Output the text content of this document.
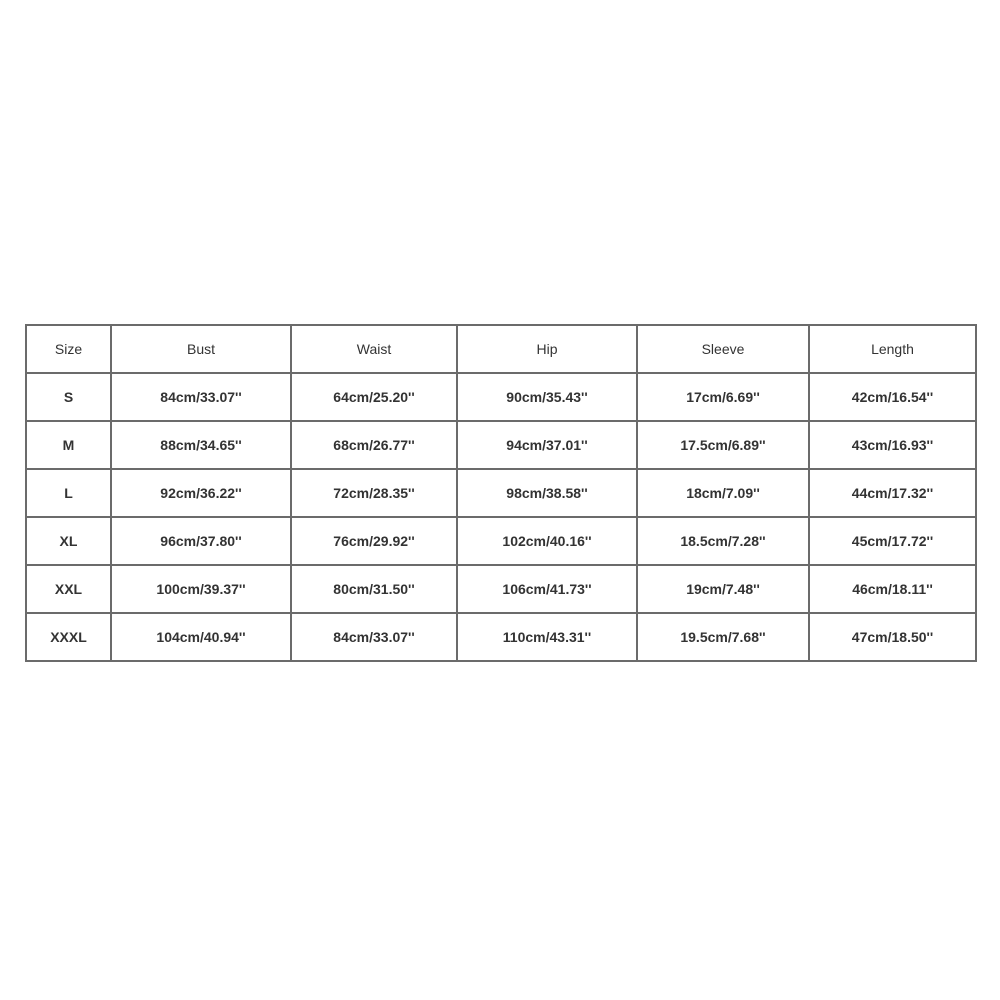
Size	Bust	Waist	Hip	Sleeve	Length
S	84cm/33.07''	64cm/25.20''	90cm/35.43''	17cm/6.69''	42cm/16.54''
M	88cm/34.65''	68cm/26.77''	94cm/37.01''	17.5cm/6.89''	43cm/16.93''
L	92cm/36.22''	72cm/28.35''	98cm/38.58''	18cm/7.09''	44cm/17.32''
XL	96cm/37.80''	76cm/29.92''	102cm/40.16''	18.5cm/7.28''	45cm/17.72''
XXL	100cm/39.37''	80cm/31.50''	106cm/41.73''	19cm/7.48''	46cm/18.11''
XXXL	104cm/40.94''	84cm/33.07''	110cm/43.31''	19.5cm/7.68''	47cm/18.50''
